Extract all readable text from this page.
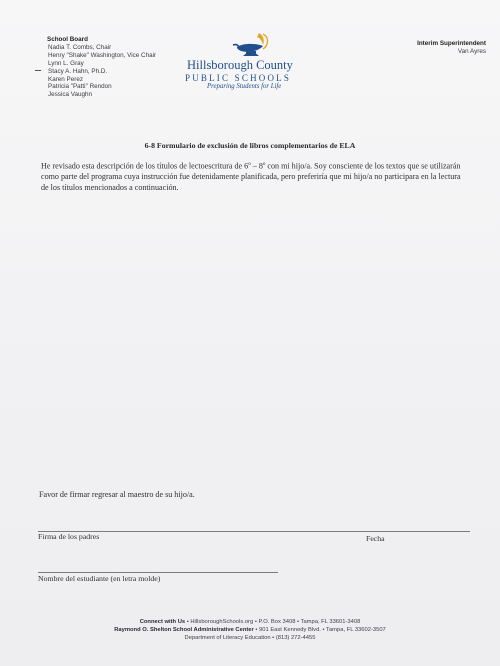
School Board
Nadia T. Combs, Chair
Henry "Shake" Washington, Vice Chair
Lynn L. Gray
Stacy A. Hahn, Ph.D.
Karen Perez
Patricia "Patti" Rendon
Jessica Vaughn
Hillsborough County
PUBLIC SCHOOLS
Preparing Students for Life
Interim Superintendent
Van Ayres
6-8 Formulario de exclusión de libros complementarios de ELA
He revisado esta descripción de los títulos de lectoescritura de 6$^o$ – 8$^o$ con mi hijo/a. Soy consciente de los textos que se utilizarán como parte del programa cuya instrucción fue detenidamente planificada, pero preferiría que mi hijo/a no participara en la lectura de los títulos mencionados a continuación.
Favor de firmar regresar al maestro de su hijo/a.
Firma de los padres	Fecha
Nombre del estudiante (en letra molde)
Connect with Us • HillsboroughSchools.org • P.O. Box 3408 • Tampa, FL 33601-3408
Raymond O. Shelton School Administrative Center • 901 East Kennedy Blvd. • Tampa, FL 33602-3507
Department of Literacy Education • (813) 272-4455
